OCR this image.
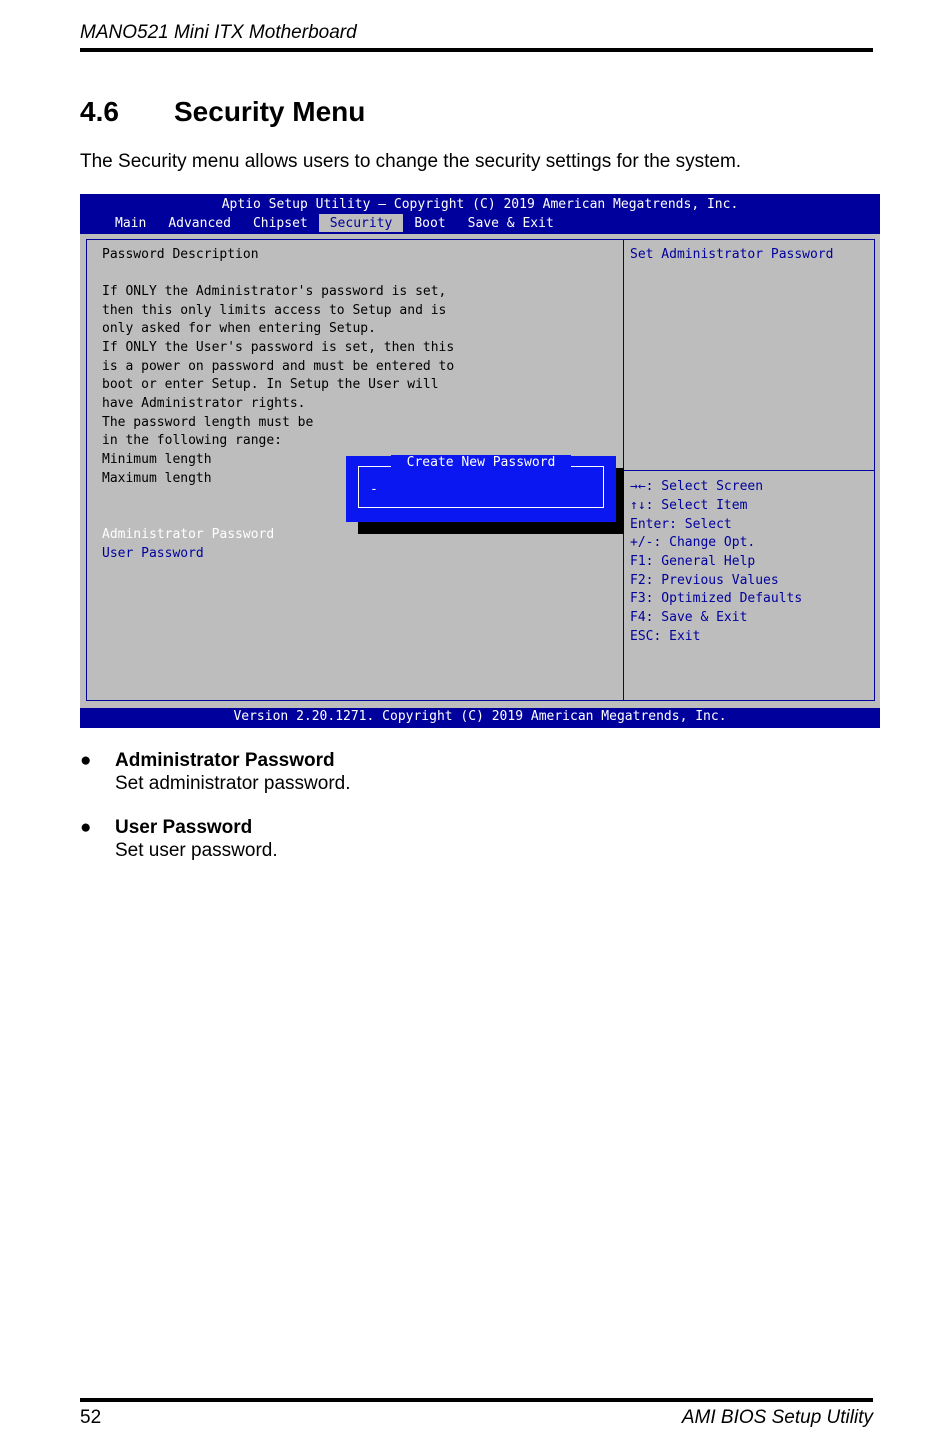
MANO521 Mini ITX Motherboard
4.6 Security Menu
The Security menu allows users to change the security settings for the system.
Aptio Setup Utility – Copyright (C) 2019 American Megatrends, Inc.
Main	Advanced	Chipset	Security	Boot	Save & Exit
Password Description
If ONLY the Administrator's password is set,
then this only limits access to Setup and is
only asked for when entering Setup.
If ONLY the User's password is set, then this
is a power on password and must be entered to
boot or enter Setup. In Setup the User will
have Administrator rights.
The password length must be
in the following range:
Minimum length
Maximum length
Administrator Password
User Password
Set Administrator Password
→←: Select Screen
↑↓: Select Item
Enter: Select
+/-: Change Opt.
F1: General Help
F2: Previous Values
F3: Optimized Defaults
F4: Save & Exit
ESC: Exit
Create New Password
-
Version 2.20.1271. Copyright (C) 2019 American Megatrends, Inc.
●	Administrator Password
Set administrator password.
●	User Password
Set user password.
52	AMI BIOS Setup Utility
